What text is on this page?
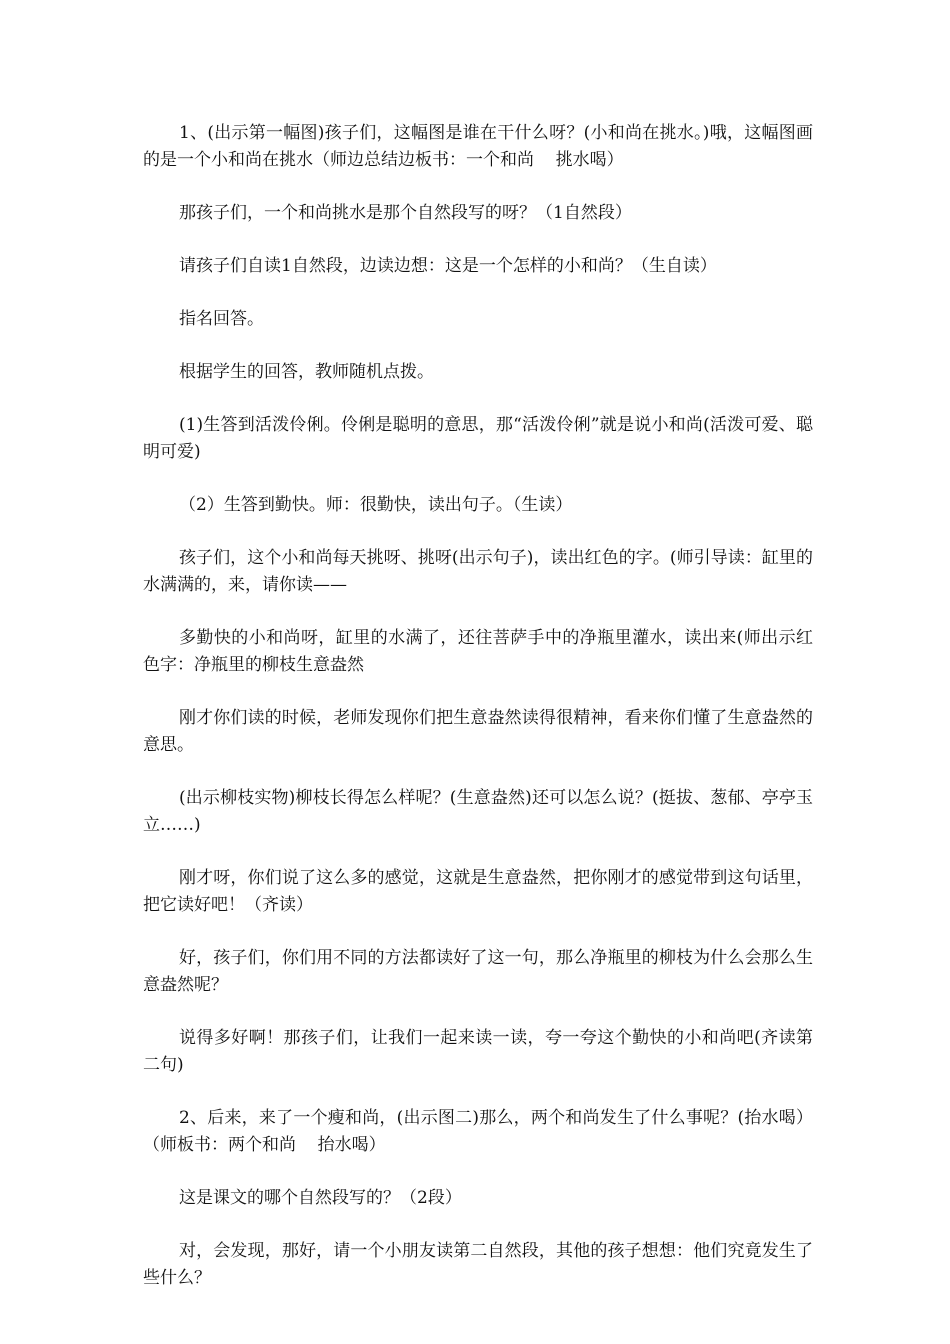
1、(出示第一幅图)孩子们，这幅图是谁在干什么呀？(小和尚在挑水。)哦，这幅图画的是一个小和尚在挑水（师边总结边板书：一个和尚    挑水喝）

那孩子们，一个和尚挑水是那个自然段写的呀？（1自然段）

请孩子们自读1自然段，边读边想：这是一个怎样的小和尚？（生自读）

指名回答。

根据学生的回答，教师随机点拨。

(1)生答到活泼伶俐。伶俐是聪明的意思，那“活泼伶俐”就是说小和尚(活泼可爱、聪明可爱)

（2）生答到勤快。师：很勤快，读出句子。（生读）

孩子们，这个小和尚每天挑呀、挑呀(出示句子)，读出红色的字。(师引导读：缸里的水满满的，来，请你读——

多勤快的小和尚呀，缸里的水满了，还往菩萨手中的净瓶里灌水，读出来(师出示红色字：净瓶里的柳枝生意盎然

刚才你们读的时候，老师发现你们把生意盎然读得很精神，看来你们懂了生意盎然的意思。

(出示柳枝实物)柳枝长得怎么样呢？(生意盎然)还可以怎么说？(挺拔、葱郁、亭亭玉立……)

刚才呀，你们说了这么多的感觉，这就是生意盎然，把你刚才的感觉带到这句话里，把它读好吧！（齐读）

好，孩子们，你们用不同的方法都读好了这一句，那么净瓶里的柳枝为什么会那么生意盎然呢？

说得多好啊！那孩子们，让我们一起来读一读，夸一夸这个勤快的小和尚吧(齐读第二句)

2、后来，来了一个瘦和尚，(出示图二)那么，两个和尚发生了什么事呢？(抬水喝）（师板书：两个和尚    抬水喝）

这是课文的哪个自然段写的？（2段）

对，会发现，那好，请一个小朋友读第二自然段，其他的孩子想想：他们究竟发生了些什么？
